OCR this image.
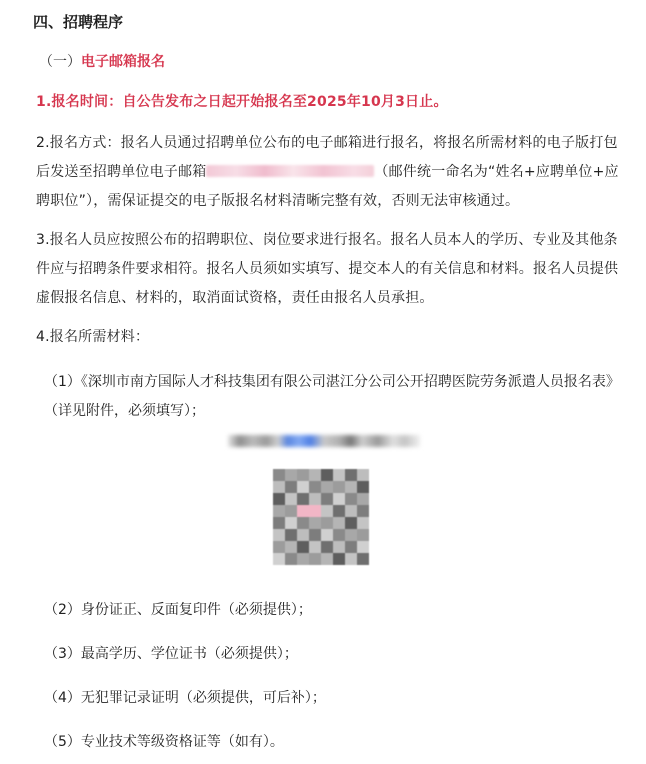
四、招聘程序
（一）电子邮箱报名
1.报名时间：自公告发布之日起开始报名至2025年10月3日止。
2.报名方式：报名人员通过招聘单位公布的电子邮箱进行报名，将报名所需材料的电子版打包后发送至招聘单位电子邮箱	（邮件统一命名为“姓名+应聘单位+应聘职位”），需保证提交的电子版报名材料清晰完整有效，否则无法审核通过。
3.报名人员应按照公布的招聘职位、岗位要求进行报名。报名人员本人的学历、专业及其他条件应与招聘条件要求相符。报名人员须如实填写、提交本人的有关信息和材料。报名人员提供虚假报名信息、材料的，取消面试资格，责任由报名人员承担。
4.报名所需材料：
（1）《深圳市南方国际人才科技集团有限公司湛江分公司公开招聘医院劳务派遣人员报名表》（详见附件，必须填写）；
（2）身份证正、反面复印件（必须提供）；
（3）最高学历、学位证书（必须提供）；
（4）无犯罪记录证明（必须提供，可后补）；
（5）专业技术等级资格证等（如有）。
